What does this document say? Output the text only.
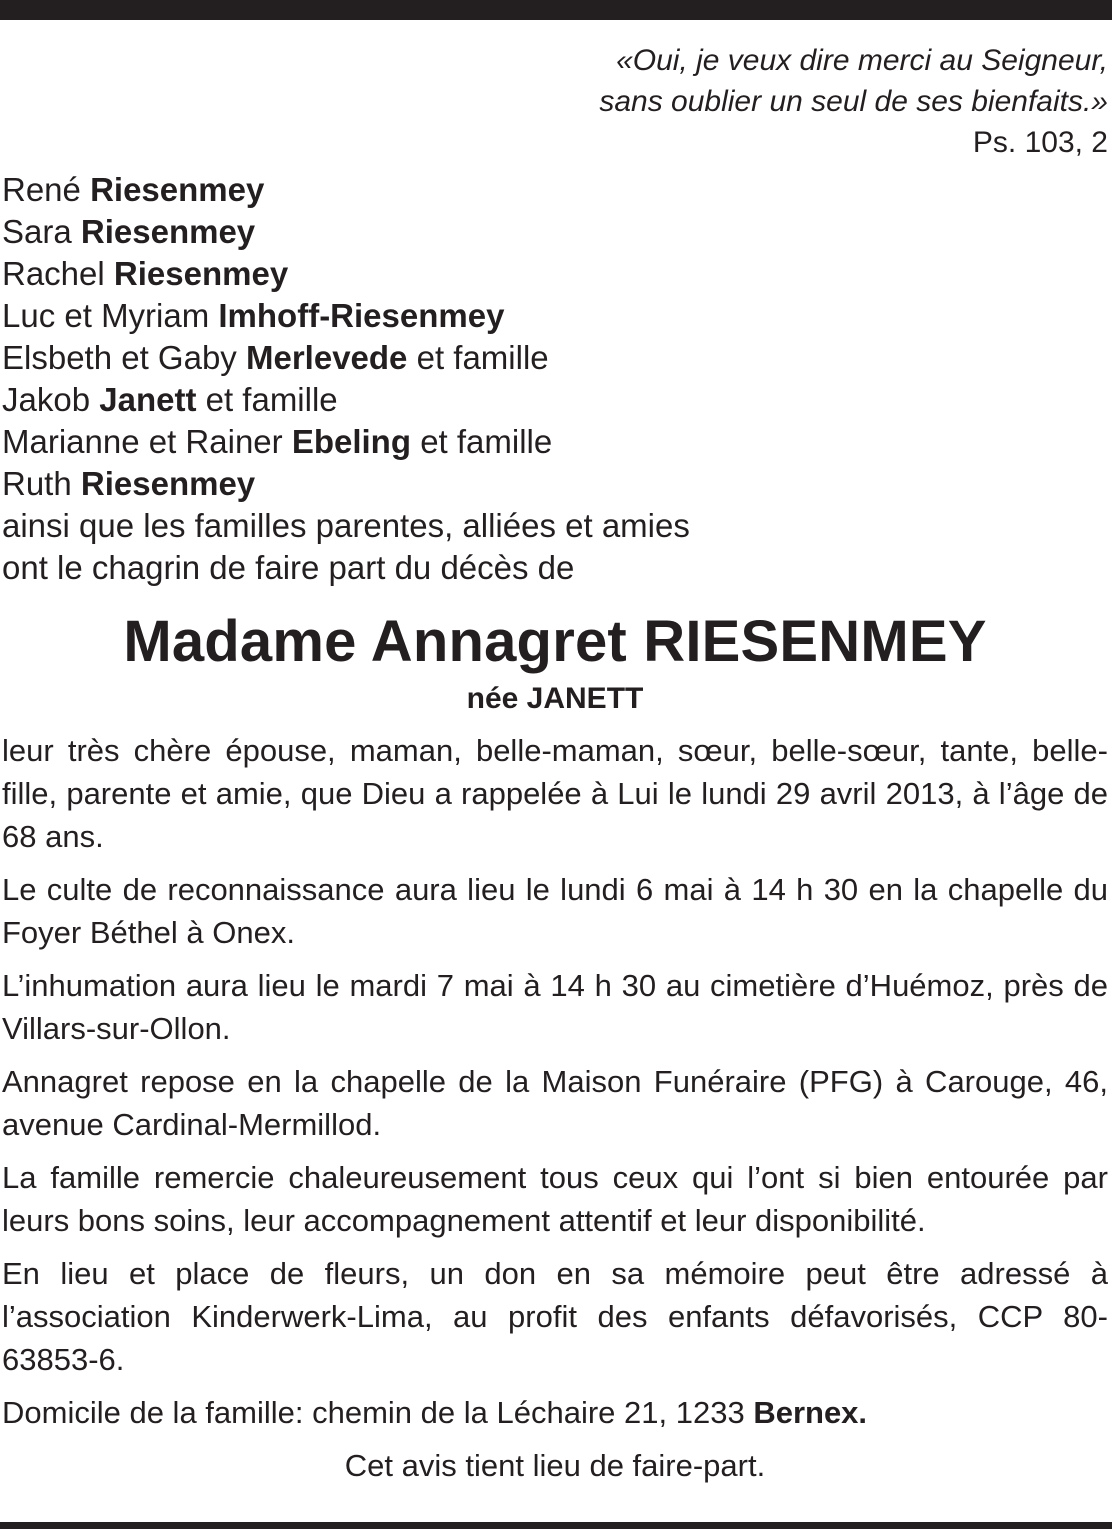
«Oui, je veux dire merci au Seigneur,
sans oublier un seul de ses bienfaits.»
Ps. 103, 2
René Riesenmey
Sara Riesenmey
Rachel Riesenmey
Luc et Myriam Imhoff-Riesenmey
Elsbeth et Gaby Merlevede et famille
Jakob Janett et famille
Marianne et Rainer Ebeling et famille
Ruth Riesenmey
ainsi que les familles parentes, alliées et amies
ont le chagrin de faire part du décès de
Madame Annagret RIESENMEY
née JANETT
leur très chère épouse, maman, belle-maman, sœur, belle-sœur, tante, belle-fille, parente et amie, que Dieu a rappelée à Lui le lundi 29 avril 2013, à l’âge de 68 ans.
Le culte de reconnaissance aura lieu le lundi 6 mai à 14 h 30 en la chapelle du Foyer Béthel à Onex.
L’inhumation aura lieu le mardi 7 mai à 14 h 30 au cimetière d’Huémoz, près de Villars-sur-Ollon.
Annagret repose en la chapelle de la Maison Funéraire (PFG) à Carouge, 46, avenue Cardinal-Mermillod.
La famille remercie chaleureusement tous ceux qui l’ont si bien entourée par leurs bons soins, leur accompagnement attentif et leur disponibilité.
En lieu et place de fleurs, un don en sa mémoire peut être adressé à l’association Kinderwerk-Lima, au profit des enfants défavorisés, CCP 80-63853-6.
Domicile de la famille: chemin de la Léchaire 21, 1233 Bernex.
Cet avis tient lieu de faire-part.
